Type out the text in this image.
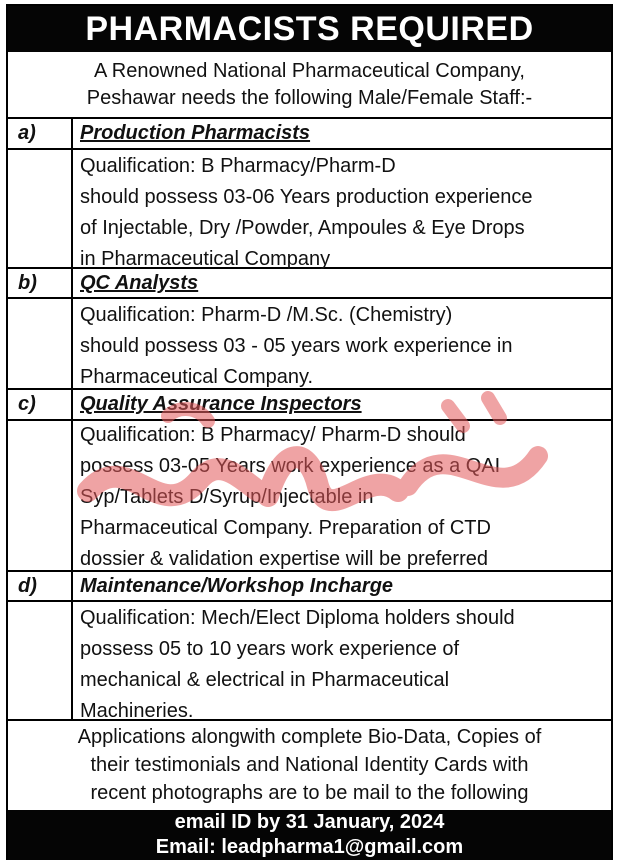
PHARMACISTS REQUIRED
A Renowned National Pharmaceutical Company,
Peshawar needs the following Male/Female Staff:-
a) Production Pharmacists
Qualification: B Pharmacy/Pharm-D
should possess 03-06 Years production experience
of Injectable, Dry /Powder, Ampoules & Eye Drops
in Pharmaceutical Company
b) QC Analysts
Qualification: Pharm-D /M.Sc. (Chemistry)
should possess 03 - 05 years work experience in
Pharmaceutical Company.
c) Quality Assurance Inspectors
Qualification: B Pharmacy/ Pharm-D should
possess 03-05 Years work experience as a QAI
Syp/Tablets D/Syrup/Injectable in
Pharmaceutical Company. Preparation of CTD
dossier & validation expertise will be preferred
d) Maintenance/Workshop Incharge
Qualification: Mech/Elect Diploma holders should
possess 05 to 10 years work experience of
mechanical & electrical in Pharmaceutical
Machineries.
Applications alongwith complete Bio-Data, Copies of
their testimonials and National Identity Cards with
recent photographs are to be mail to the following
email ID by 31 January, 2024
Email: leadpharma1@gmail.com
